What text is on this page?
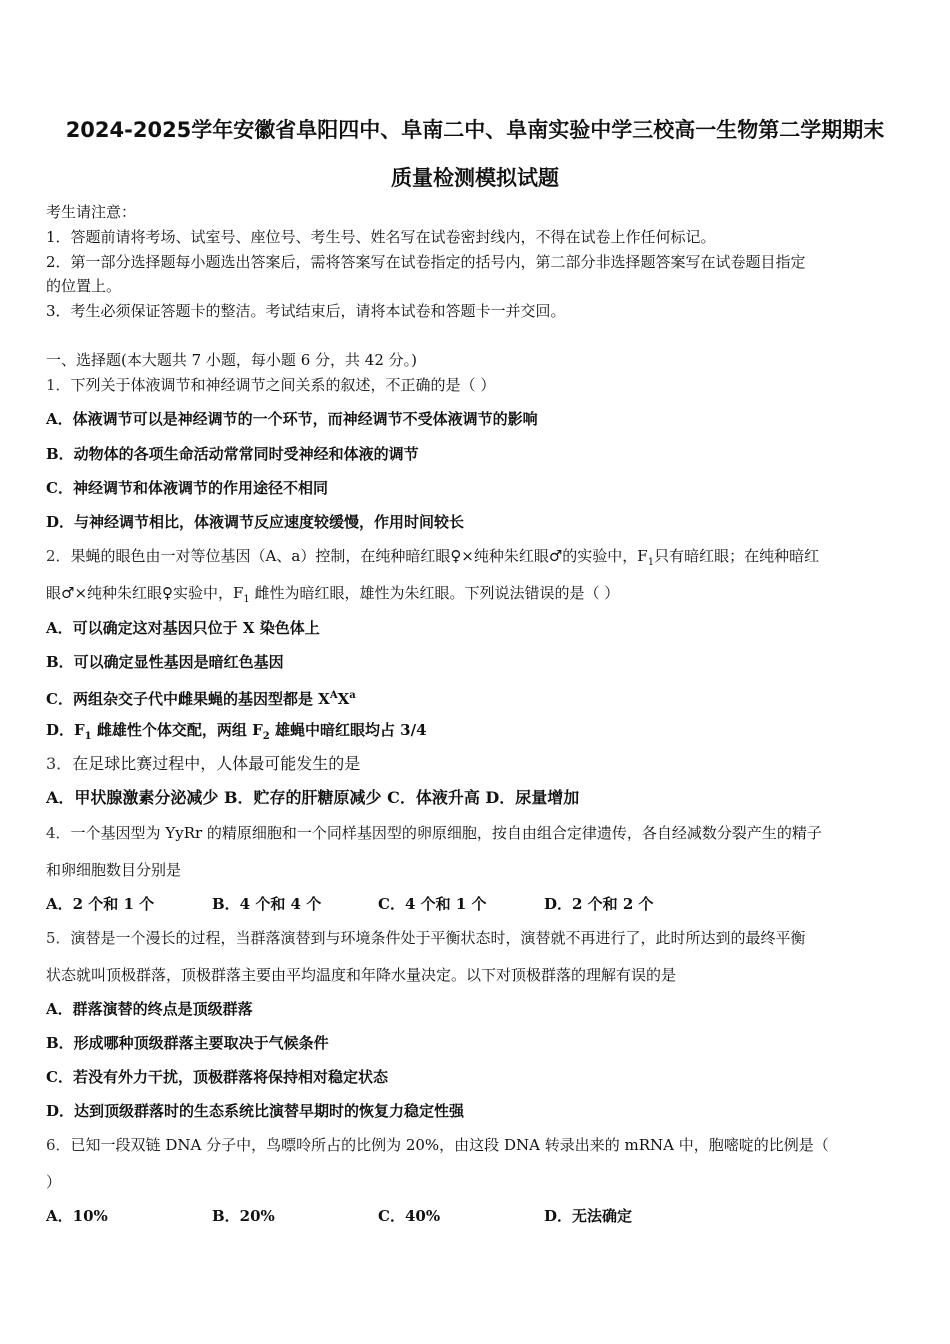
2024-2025学年安徽省阜阳四中、阜南二中、阜南实验中学三校高一生物第二学期期末
质量检测模拟试题
考生请注意：
1．答题前请将考场、试室号、座位号、考生号、姓名写在试卷密封线内，不得在试卷上作任何标记。
2．第一部分选择题每小题选出答案后，需将答案写在试卷指定的括号内，第二部分非选择题答案写在试卷题目指定
的位置上。
3．考生必须保证答题卡的整洁。考试结束后，请将本试卷和答题卡一并交回。
一、选择题(本大题共 7 小题，每小题 6 分，共 42 分。)
1．下列关于体液调节和神经调节之间关系的叙述，不正确的是（ ）
A．体液调节可以是神经调节的一个环节，而神经调节不受体液调节的影响
B．动物体的各项生命活动常常同时受神经和体液的调节
C．神经调节和体液调节的作用途径不相同
D．与神经调节相比，体液调节反应速度较缓慢，作用时间较长
2．果蝇的眼色由一对等位基因（A、a）控制，在纯种暗红眼♀×纯种朱红眼♂的实验中，$F_1$只有暗红眼；在纯种暗红
眼♂×纯种朱红眼♀实验中，$F_1$ 雌性为暗红眼，雄性为朱红眼。下列说法错误的是（ ）
A．可以确定这对基因只位于 X 染色体上
B．可以确定显性基因是暗红色基因
C．两组杂交子代中雌果蝇的基因型都是 $X^AX^a$
D．$F_1$ 雌雄性个体交配，两组 $F_2$ 雄蝇中暗红眼均占 3/4
3．在足球比赛过程中，人体最可能发生的是
A．甲状腺激素分泌减少 B．贮存的肝糖原减少 C．体液升高 D．尿量增加
4．一个基因型为 YyRr 的精原细胞和一个同样基因型的卵原细胞，按自由组合定律遗传，各自经减数分裂产生的精子
和卵细胞数目分别是
A．2 个和 1 个	B．4 个和 4 个	C．4 个和 1 个	D．2 个和 2 个
5．演替是一个漫长的过程，当群落演替到与环境条件处于平衡状态时，演替就不再进行了，此时所达到的最终平衡
状态就叫顶极群落，顶极群落主要由平均温度和年降水量决定。以下对顶极群落的理解有误的是
A．群落演替的终点是顶级群落
B．形成哪种顶级群落主要取决于气候条件
C．若没有外力干扰，顶极群落将保持相对稳定状态
D．达到顶级群落时的生态系统比演替早期时的恢复力稳定性强
6．已知一段双链 DNA 分子中，鸟嘌呤所占的比例为 20%，由这段 DNA 转录出来的 mRNA 中，胞嘧啶的比例是（
）
A．10%	B．20%	C．40%	D．无法确定
